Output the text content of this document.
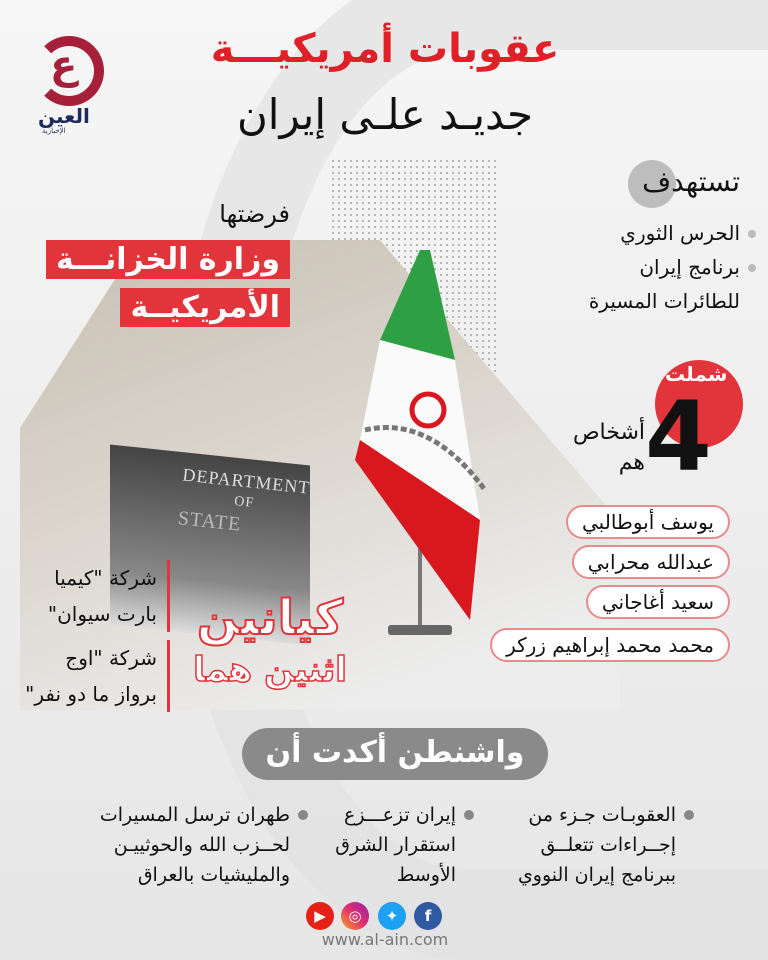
ع
العين
الإخبارية
عقوبات أمريكيـــة
جديـد علـى إيران
DEPARTMENT
OF
STATE
فرضتها
وزارة الخزانـــة
الأمريكيــة
تستهدف
الحرس الثوري
برنامج إيران للطائرات المسيرة
شملت
4
أشخاص
هم
يوسف أبوطالبي
عبدالله محرابي
سعيد أغاجاني
محمد محمد إبراهيم زركر
شركة "كيميا بارت سيوان"
شركة "اوج برواز ما دو نفر"
كيانين
اثنين هما
واشنطن أكدت أن
العقوبـات جـزء من إجــراءات تتعلــق ببرنامج إيران النووي
إيران تزعـــزع استقرار الشرق الأوسط
طهران ترسل المسيرات لحــزب الله والحوثييـن والمليشيات بالعراق
▶	◎	✦	f
www.al-ain.com
